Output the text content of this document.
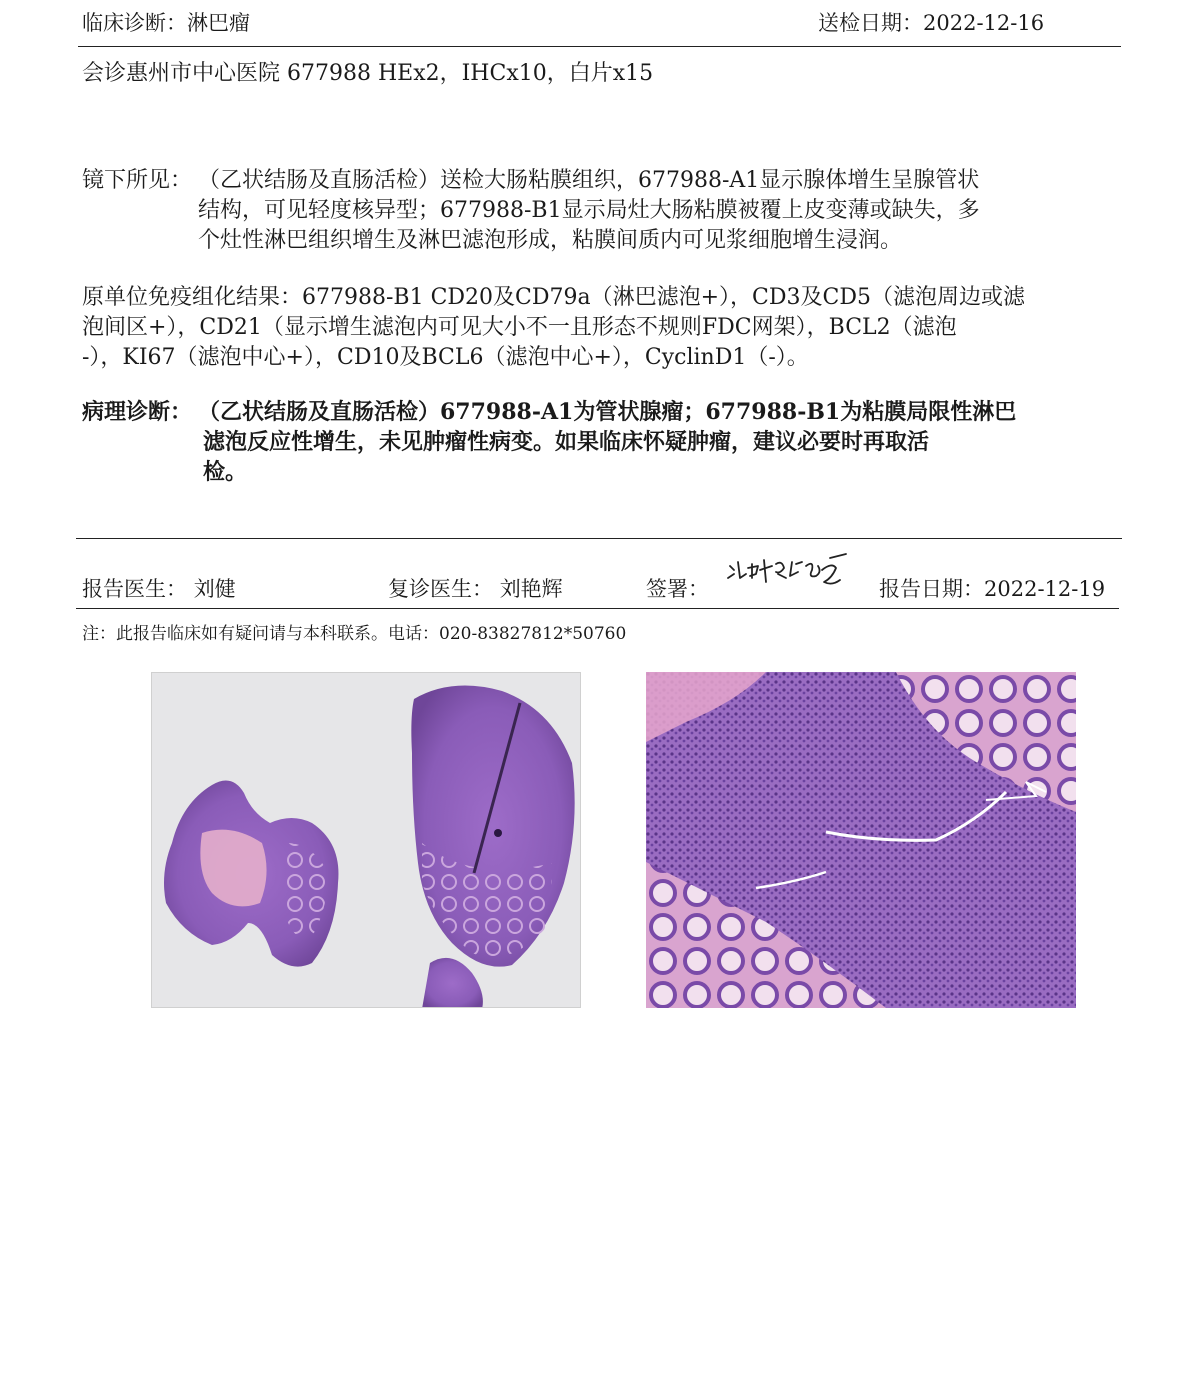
临床诊断：淋巴瘤	送检日期：2022-12-16
会诊惠州市中心医院 677988 HEx2，IHCx10，白片x15
镜下所见： （乙状结肠及直肠活检）送检大肠粘膜组织，677988-A1显示腺体增生呈腺管状
结构，可见轻度核异型；677988-B1显示局灶大肠粘膜被覆上皮变薄或缺失，多
个灶性淋巴组织增生及淋巴滤泡形成，粘膜间质内可见浆细胞增生浸润。
原单位免疫组化结果：677988-B1 CD20及CD79a（淋巴滤泡+），CD3及CD5（滤泡周边或滤
泡间区+），CD21（显示增生滤泡内可见大小不一且形态不规则FDC网架），BCL2（滤泡
-），KI67（滤泡中心+），CD10及BCL6（滤泡中心+），CyclinD1（-）。
病理诊断： （乙状结肠及直肠活检）677988-A1为管状腺瘤；677988-B1为粘膜局限性淋巴
滤泡反应性增生，未见肿瘤性病变。如果临床怀疑肿瘤，建议必要时再取活
检。
报告医生： 刘健	复诊医生： 刘艳辉	签署：	报告日期：2022-12-19
注：此报告临床如有疑问请与本科联系。电话：020-83827812*50760
